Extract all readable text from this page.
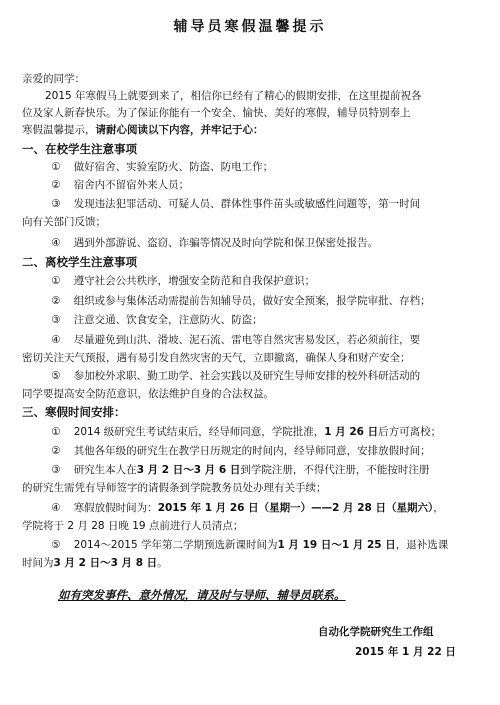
辅导员寒假温馨提示
亲爱的同学：
2015 年寒假马上就要到来了，相信你已经有了精心的假期安排，在这里提前祝各
位及家人新春快乐。为了保证你能有一个安全、愉快、美好的寒假，辅导员特别奉上
寒假温馨提示，请耐心阅读以下内容，并牢记于心：
一、在校学生注意事项
① 做好宿舍、实验室防火、防盗、防电工作；
② 宿舍内不留宿外来人员；
③ 发现违法犯罪活动、可疑人员、群体性事件苗头或敏感性问题等，第一时间
向有关部门反馈；
④ 遇到外部游说、盗窃、诈骗等情况及时向学院和保卫保密处报告。
二、离校学生注意事项
① 遵守社会公共秩序，增强安全防范和自我保护意识；
② 组织或参与集体活动需提前告知辅导员，做好安全预案，报学院审批、存档；
③ 注意交通、饮食安全，注意防火、防盗；
④ 尽量避免到山洪、滑坡、泥石流、雷电等自然灾害易发区，若必须前往，要
密切关注天气预报，遇有易引发自然灾害的天气，立即撤离，确保人身和财产安全；
⑤ 参加校外求职、勤工助学、社会实践以及研究生导师安排的校外科研活动的
同学要提高安全防范意识，依法维护自身的合法权益。
三、寒假时间安排：
① 2014 级研究生考试结束后，经导师同意，学院批准，1 月 26 日后方可离校；
② 其他各年级的研究生在教学日历规定的时间内，经导师同意，安排放假时间；
③ 研究生本人在3 月 2 日～3 月 6 日到学院注册，不得代注册，不能按时注册
的研究生需凭有导师签字的请假条到学院教务员处办理有关手续；
④ 寒假放假时间为：2015 年 1 月 26 日（星期一）——2 月 28 日（星期六），
学院将于 2 月 28 日晚 19 点前进行人员清点；
⑤ 2014～2015 学年第二学期预选新课时间为1 月 19 日～1 月 25 日，退补选课
时间为3 月 2 日～3 月 8 日。
如有突发事件、意外情况，请及时与导师、辅导员联系。
自动化学院研究生工作组
2015 年 1 月 22 日
